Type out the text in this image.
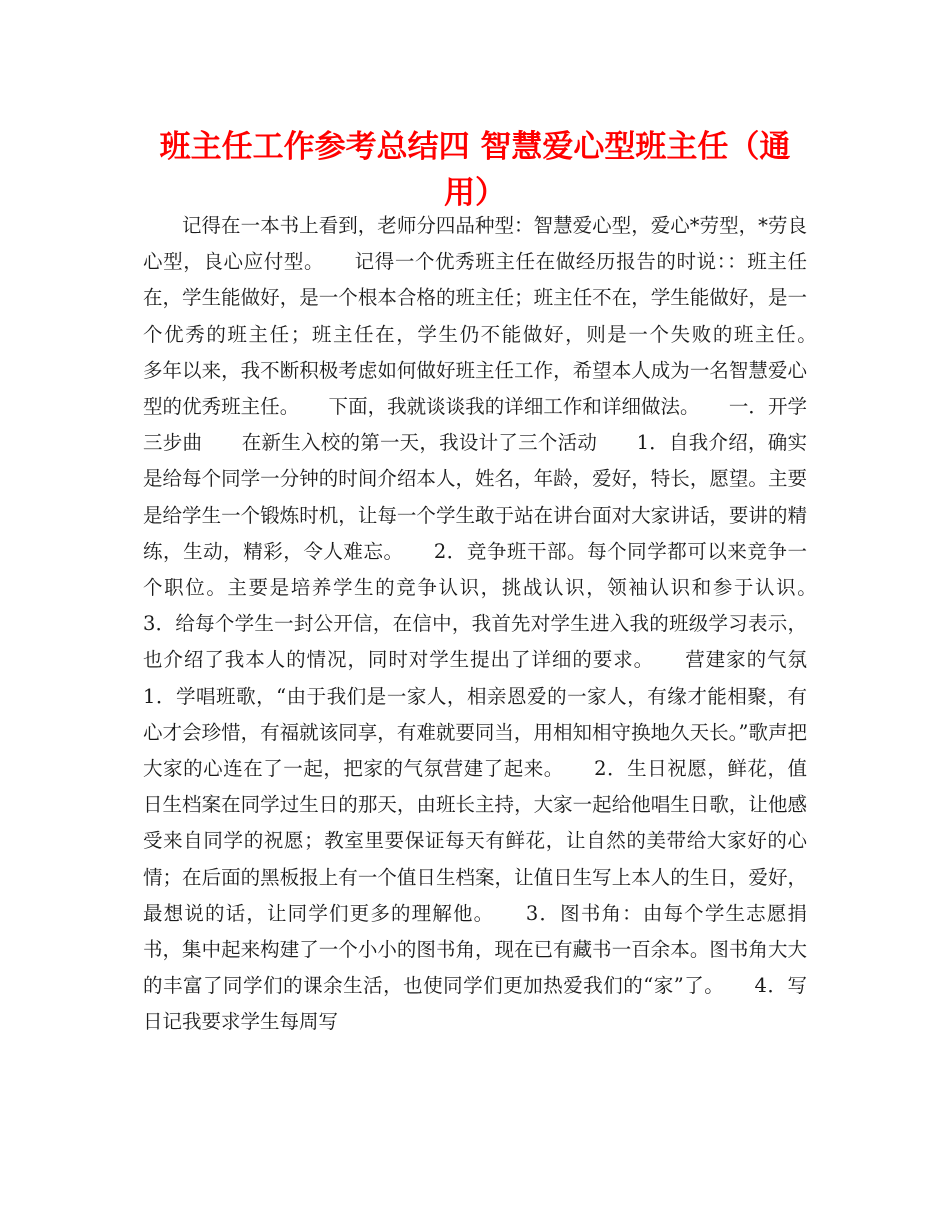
班主任工作参考总结四 智慧爱心型班主任（通用）

记得在一本书上看到，老师分四品种型：智慧爱心型，爱心*劳型，*劳良心型，良心应付型。　　记得一个优秀班主任在做经历报告的时说：：班主任在，学生能做好，是一个根本合格的班主任；班主任不在，学生能做好，是一个优秀的班主任；班主任在，学生仍不能做好，则是一个失败的班主任。　　多年以来，我不断积极考虑如何做好班主任工作，希望本人成为一名智慧爱心型的优秀班主任。　　下面，我就谈谈我的详细工作和详细做法。　　一．开学三步曲　　在新生入校的第一天，我设计了三个活动　　1．自我介绍，确实是给每个同学一分钟的时间介绍本人，姓名，年龄，爱好，特长，愿望。主要是给学生一个锻炼时机，让每一个学生敢于站在讲台面对大家讲话，要讲的精练，生动，精彩，令人难忘。　　2．竞争班干部。每个同学都可以来竞争一个职位。主要是培养学生的竞争认识，挑战认识，领袖认识和参于认识。　　3．给每个学生一封公开信，在信中，我首先对学生进入我的班级学习表示，也介绍了我本人的情况，同时对学生提出了详细的要求。　　营建家的气氛　　1．学唱班歌，“由于我们是一家人，相亲恩爱的一家人，有缘才能相聚，有心才会珍惜，有福就该同享，有难就要同当，用相知相守换地久天长。”歌声把大家的心连在了一起，把家的气氛营建了起来。　　2．生日祝愿，鲜花，值日生档案在同学过生日的那天，由班长主持，大家一起给他唱生日歌，让他感受来自同学的祝愿；教室里要保证每天有鲜花，让自然的美带给大家好的心情；在后面的黑板报上有一个值日生档案，让值日生写上本人的生日，爱好，最想说的话，让同学们更多的理解他。　　3．图书角：由每个学生志愿捐书，集中起来构建了一个小小的图书角，现在已有藏书一百余本。图书角大大的丰富了同学们的课余生活，也使同学们更加热爱我们的“家”了。　　4．写日记我要求学生每周写
